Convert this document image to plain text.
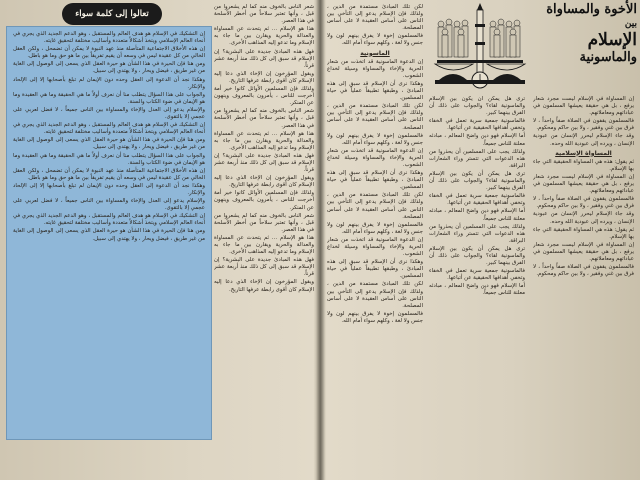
تعالوا إلى كلمة سواء

إن التشكيك في الإسلام هو هدف العالم والمستقبل ، وهو الدعم الجديد الذي يجري في أنحاء العالم الإسلامي ويتخذ أشكالاً متعددة وأساليب مختلفة لتحقيق غايته.

إن هذه الأخلاق الاجتماعية المتأصلة منذ عهد النبوة لا يمكن أن تضمحل ، ولكن العقل الخالي من كل عقيدة ليس في وسعه أن يقيم تفريقاً بين ما هو حق وما هو باطل.

ومن هنا فإن الحيرة في هذا الشأن هو حيرة العقل الذي يسعى إلى الوصول إلى الغاية من غير طريق ، فيضل ويحار ، ولا يهتدي إلى سبيل.

وهكذا نجد أن الدعوة إلى العقل وحده دون الإيمان لم تبلغ بأصحابها إلا إلى الإلحاد والإنكار.

والجواب على هذا السؤال يتطلب منا أن نعرف أولاً ما هي الحقيقة وما هي العقيدة وما هو الإيمان في ضوء الكتاب والسنة.

والإسلام يدعو إلى العدل والإخاء والمساواة بين الناس جميعاً ، لا فضل لعربي على عجمي إلا بالتقوى.

إن التشكيك في الإسلام هو هدف العالم والمستقبل ، وهو الدعم الجديد الذي يجري في أنحاء العالم الإسلامي ويتخذ أشكالاً متعددة وأساليب مختلفة لتحقيق غايته.

ومن هنا فإن الحيرة في هذا الشأن هو حيرة العقل الذي يسعى إلى الوصول إلى الغاية من غير طريق ، فيضل ويحار ، ولا يهتدي إلى سبيل.

والجواب على هذا السؤال يتطلب منا أن نعرف أولاً ما هي الحقيقة وما هي العقيدة وما هو الإيمان في ضوء الكتاب والسنة.

إن هذه الأخلاق الاجتماعية المتأصلة منذ عهد النبوة لا يمكن أن تضمحل ، ولكن العقل الخالي من كل عقيدة ليس في وسعه أن يقيم تفريقاً بين ما هو حق وما هو باطل.

وهكذا نجد أن الدعوة إلى العقل وحده دون الإيمان لم تبلغ بأصحابها إلا إلى الإلحاد والإنكار.

والإسلام يدعو إلى العدل والإخاء والمساواة بين الناس جميعاً ، لا فضل لعربي على عجمي إلا بالتقوى.

إن التشكيك في الإسلام هو هدف العالم والمستقبل ، وهو الدعم الجديد الذي يجري في أنحاء العالم الإسلامي ويتخذ أشكالاً متعددة وأساليب مختلفة لتحقيق غايته.

ومن هنا فإن الحيرة في هذا الشأن هو حيرة العقل الذي يسعى إلى الوصول إلى الغاية من غير طريق ، فيضل ويحار ، ولا يهتدي إلى سبيل.

شعر الناس بالخوف منه كما لم يشعروا من قبل ، وأنها تعتبر سلاحاً من أخطر الأسلحة في هذا العصر.

هذا هو الإسلام ... ثم يتحدث عن المساواة والعدالة والحرية ويقارن بين ما جاء به الإسلام وما تدعو إليه المذاهب الأخرى.

فهل هذه المبادئ جديدة على البشرية؟ إن الإسلام قد سبق إلى كل ذلك منذ أربعة عشر قرناً.

ويقول المؤرخون إن الإخاء الذي دعا إليه الإسلام كان أقوى رابطة عرفها التاريخ.

ولذلك فإن المسلمين الأوائل كانوا خير أمة أخرجت للناس ، يأمرون بالمعروف وينهون عن المنكر.

شعر الناس بالخوف منه كما لم يشعروا من قبل ، وأنها تعتبر سلاحاً من أخطر الأسلحة في هذا العصر.

هذا هو الإسلام ... ثم يتحدث عن المساواة والعدالة والحرية ويقارن بين ما جاء به الإسلام وما تدعو إليه المذاهب الأخرى.

فهل هذه المبادئ جديدة على البشرية؟ إن الإسلام قد سبق إلى كل ذلك منذ أربعة عشر قرناً.

ويقول المؤرخون إن الإخاء الذي دعا إليه الإسلام كان أقوى رابطة عرفها التاريخ.

ولذلك فإن المسلمين الأوائل كانوا خير أمة أخرجت للناس ، يأمرون بالمعروف وينهون عن المنكر.

شعر الناس بالخوف منه كما لم يشعروا من قبل ، وأنها تعتبر سلاحاً من أخطر الأسلحة في هذا العصر.

هذا هو الإسلام ... ثم يتحدث عن المساواة والعدالة والحرية ويقارن بين ما جاء به الإسلام وما تدعو إليه المذاهب الأخرى.

فهل هذه المبادئ جديدة على البشرية؟ إن الإسلام قد سبق إلى كل ذلك منذ أربعة عشر قرناً.

ويقول المؤرخون إن الإخاء الذي دعا إليه الإسلام كان أقوى رابطة عرفها التاريخ.

الأخوة والمساواة
بين
الإسلام
والماسونية

لكن تلك المبادئ مستمدة من الدين ، ولذلك فإن الإسلام يدعو إلى التآخي بين الناس على أساس العقيدة لا على أساس المصلحة.

فالمسلمون إخوة لا يفرق بينهم لون ولا جنس ولا لغة ، وكلهم سواء أمام الله.

الماسونية

إن الدعوة الماسونية قد اتخذت من شعار الحرية والإخاء والمساواة وسيلة لخداع الشعوب.

وهكذا نرى أن الإسلام قد سبق إلى هذه المبادئ ، وطبقها تطبيقاً عملياً في حياة المسلمين.

لكن تلك المبادئ مستمدة من الدين ، ولذلك فإن الإسلام يدعو إلى التآخي بين الناس على أساس العقيدة لا على أساس المصلحة.

فالمسلمون إخوة لا يفرق بينهم لون ولا جنس ولا لغة ، وكلهم سواء أمام الله.

إن الدعوة الماسونية قد اتخذت من شعار الحرية والإخاء والمساواة وسيلة لخداع الشعوب.

وهكذا نرى أن الإسلام قد سبق إلى هذه المبادئ ، وطبقها تطبيقاً عملياً في حياة المسلمين.

لكن تلك المبادئ مستمدة من الدين ، ولذلك فإن الإسلام يدعو إلى التآخي بين الناس على أساس العقيدة لا على أساس المصلحة.

فالمسلمون إخوة لا يفرق بينهم لون ولا جنس ولا لغة ، وكلهم سواء أمام الله.

إن الدعوة الماسونية قد اتخذت من شعار الحرية والإخاء والمساواة وسيلة لخداع الشعوب.

وهكذا نرى أن الإسلام قد سبق إلى هذه المبادئ ، وطبقها تطبيقاً عملياً في حياة المسلمين.

لكن تلك المبادئ مستمدة من الدين ، ولذلك فإن الإسلام يدعو إلى التآخي بين الناس على أساس العقيدة لا على أساس المصلحة.

فالمسلمون إخوة لا يفرق بينهم لون ولا جنس ولا لغة ، وكلهم سواء أمام الله.

ترى هل يمكن أن يكون بين الإسلام والماسونية لقاء؟ والجواب على ذلك أن الفرق بينهما كبير.

فالماسونية جمعية سرية تعمل في الخفاء وتخفي أهدافها الحقيقية عن أتباعها.

أما الإسلام فهو دين واضح المعالم ، مبادئه معلنة للناس جميعاً.

ولذلك يجب على المسلمين أن يحذروا من هذه الدعوات التي تتستر وراء الشعارات البراقة.

ترى هل يمكن أن يكون بين الإسلام والماسونية لقاء؟ والجواب على ذلك أن الفرق بينهما كبير.

فالماسونية جمعية سرية تعمل في الخفاء وتخفي أهدافها الحقيقية عن أتباعها.

أما الإسلام فهو دين واضح المعالم ، مبادئه معلنة للناس جميعاً.

ولذلك يجب على المسلمين أن يحذروا من هذه الدعوات التي تتستر وراء الشعارات البراقة.

ترى هل يمكن أن يكون بين الإسلام والماسونية لقاء؟ والجواب على ذلك أن الفرق بينهما كبير.

فالماسونية جمعية سرية تعمل في الخفاء وتخفي أهدافها الحقيقية عن أتباعها.

أما الإسلام فهو دين واضح المعالم ، مبادئه معلنة للناس جميعاً.

إن المساواة في الإسلام ليست مجرد شعار يرفع ، بل هي حقيقة يعيشها المسلمون في عباداتهم ومعاملاتهم.

فالمسلمون يقفون في الصلاة صفاً واحداً ، لا فرق بين غني وفقير ، ولا بين حاكم ومحكوم.

وقد جاء الإسلام ليحرر الإنسان من عبودية الإنسان ، ويرده إلى عبودية الله وحده.

المساواة الإسلامية

ثم يقول: هذه هي المساواة الحقيقية التي جاء بها الإسلام.

إن المساواة في الإسلام ليست مجرد شعار يرفع ، بل هي حقيقة يعيشها المسلمون في عباداتهم ومعاملاتهم.

فالمسلمون يقفون في الصلاة صفاً واحداً ، لا فرق بين غني وفقير ، ولا بين حاكم ومحكوم.

وقد جاء الإسلام ليحرر الإنسان من عبودية الإنسان ، ويرده إلى عبودية الله وحده.

ثم يقول: هذه هي المساواة الحقيقية التي جاء بها الإسلام.

إن المساواة في الإسلام ليست مجرد شعار يرفع ، بل هي حقيقة يعيشها المسلمون في عباداتهم ومعاملاتهم.

فالمسلمون يقفون في الصلاة صفاً واحداً ، لا فرق بين غني وفقير ، ولا بين حاكم ومحكوم.
